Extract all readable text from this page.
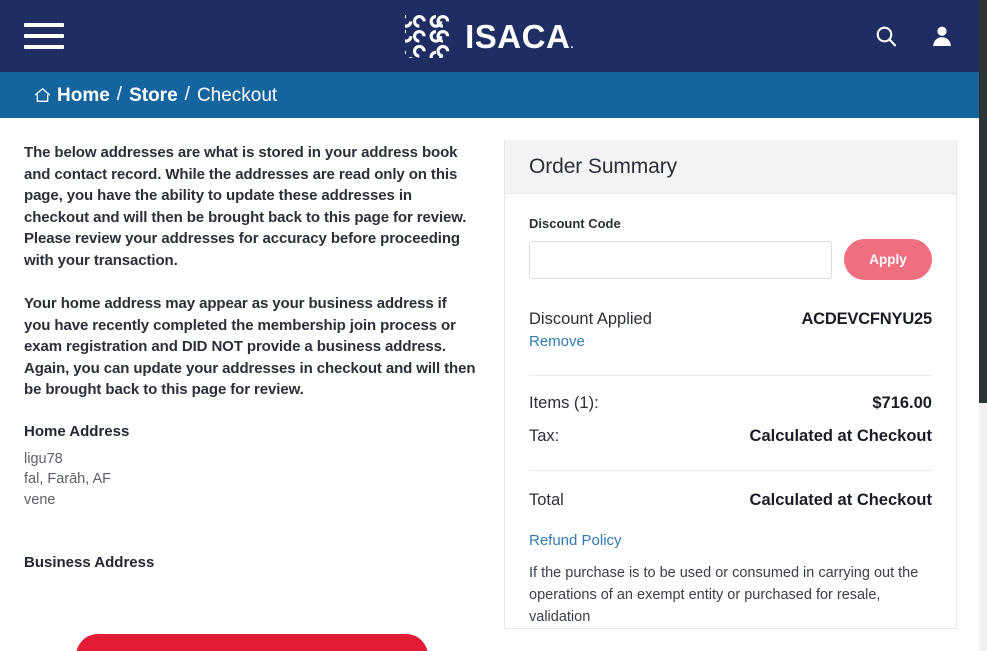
ISACA.
Home / Store / Checkout

The below addresses are what is stored in your address book and contact record. While the addresses are read only on this page, you have the ability to update these addresses in checkout and will then be brought back to this page for review. Please review your addresses for accuracy before proceeding with your transaction.

Your home address may appear as your business address if you have recently completed the membership join process or exam registration and DID NOT provide a business address. Again, you can update your addresses in checkout and will then be brought back to this page for review.

Home Address
ligu78
fal, Farāh, AF
vene
Business Address
Order Summary
Discount Code
Apply
Discount Applied	ACDEVCFNYU25
Remove
Items (1):	$716.00
Tax:	Calculated at Checkout
Total	Calculated at Checkout
Refund Policy
If the purchase is to be used or consumed in carrying out the operations of an exempt entity or purchased for resale, validation
